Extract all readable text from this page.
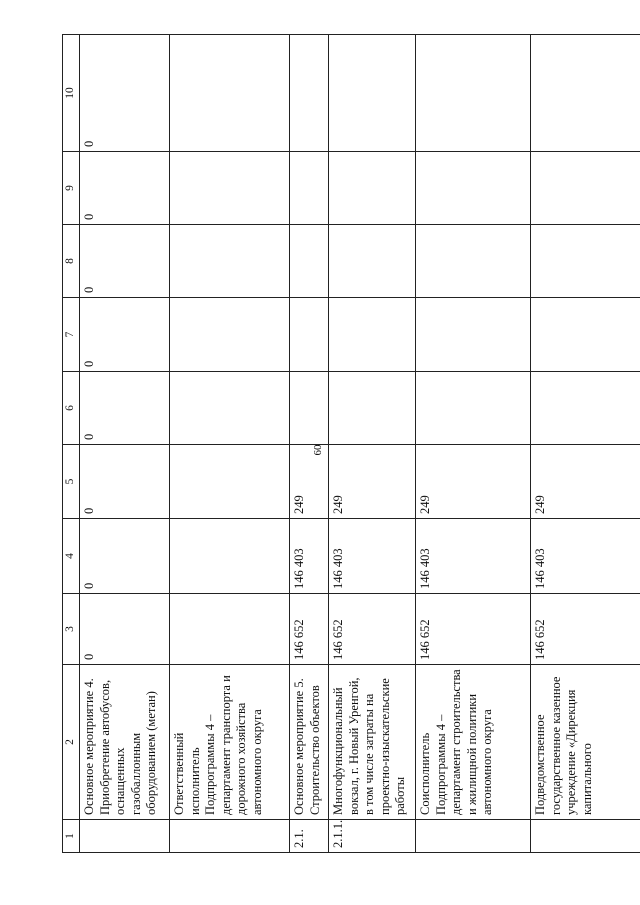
60
1	2	3	4	5	6	7	8	9	10
	Основное мероприятие 4. Приобретение автобусов, оснащенных газобаллонным оборудованием (метан)	0	0	0	0	0	0	0	0
	Ответственный исполнитель Подпрограммы 4 – департамент транспорта и дорожного хозяйства автономного округа								
2.1.	Основное мероприятие 5. Строительство объектов	146 652	146 403	249					
2.1.1.	Многофункциональный вокзал, г. Новый Уренгой, в том числе затраты на проектно-изыскательские работы	146 652	146 403	249					
	Соисполнитель Подпрограммы 4 – департамент строительства и жилищной политики автономного округа	146 652	146 403	249					
	Подведомственное государственное казенное учреждение «Дирекция капитального	146 652	146 403	249					
